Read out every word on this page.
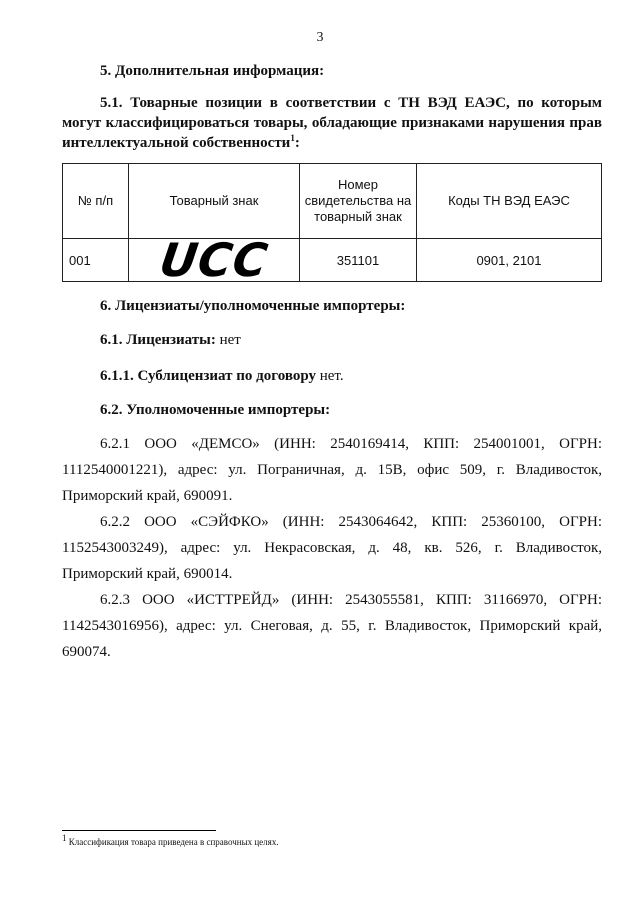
3
5. Дополнительная информация:
5.1. Товарные позиции в соответствии с ТН ВЭД ЕАЭС, по которым могут классифицироваться товары, обладающие признаками нарушения прав интеллектуальной собственности$^1$:
№ п/п	Товарный знак	Номер свидетельства на товарный знак	Коды ТН ВЭД ЕАЭС
001	UCC	351101	0901, 2101
6. Лицензиаты/уполномоченные импортеры:
6.1. Лицензиаты: нет
6.1.1. Сублицензиат по договору нет.
6.2. Уполномоченные импортеры:
6.2.1 ООО «ДЕМСО» (ИНН: 2540169414, КПП: 254001001, ОГРН: 1112540001221), адрес: ул. Пограничная, д. 15В, офис 509, г. Владивосток, Приморский край, 690091.
6.2.2 ООО «СЭЙФКО» (ИНН: 2543064642, КПП: 25360100, ОГРН: 1152543003249), адрес: ул. Некрасовская, д. 48, кв. 526, г. Владивосток, Приморский край, 690014.
6.2.3 ООО «ИСТТРЕЙД» (ИНН: 2543055581, КПП: 31166970, ОГРН: 1142543016956), адрес: ул. Снеговая, д. 55, г. Владивосток, Приморский край, 690074.
$^1$ Классификация товара приведена в справочных целях.
